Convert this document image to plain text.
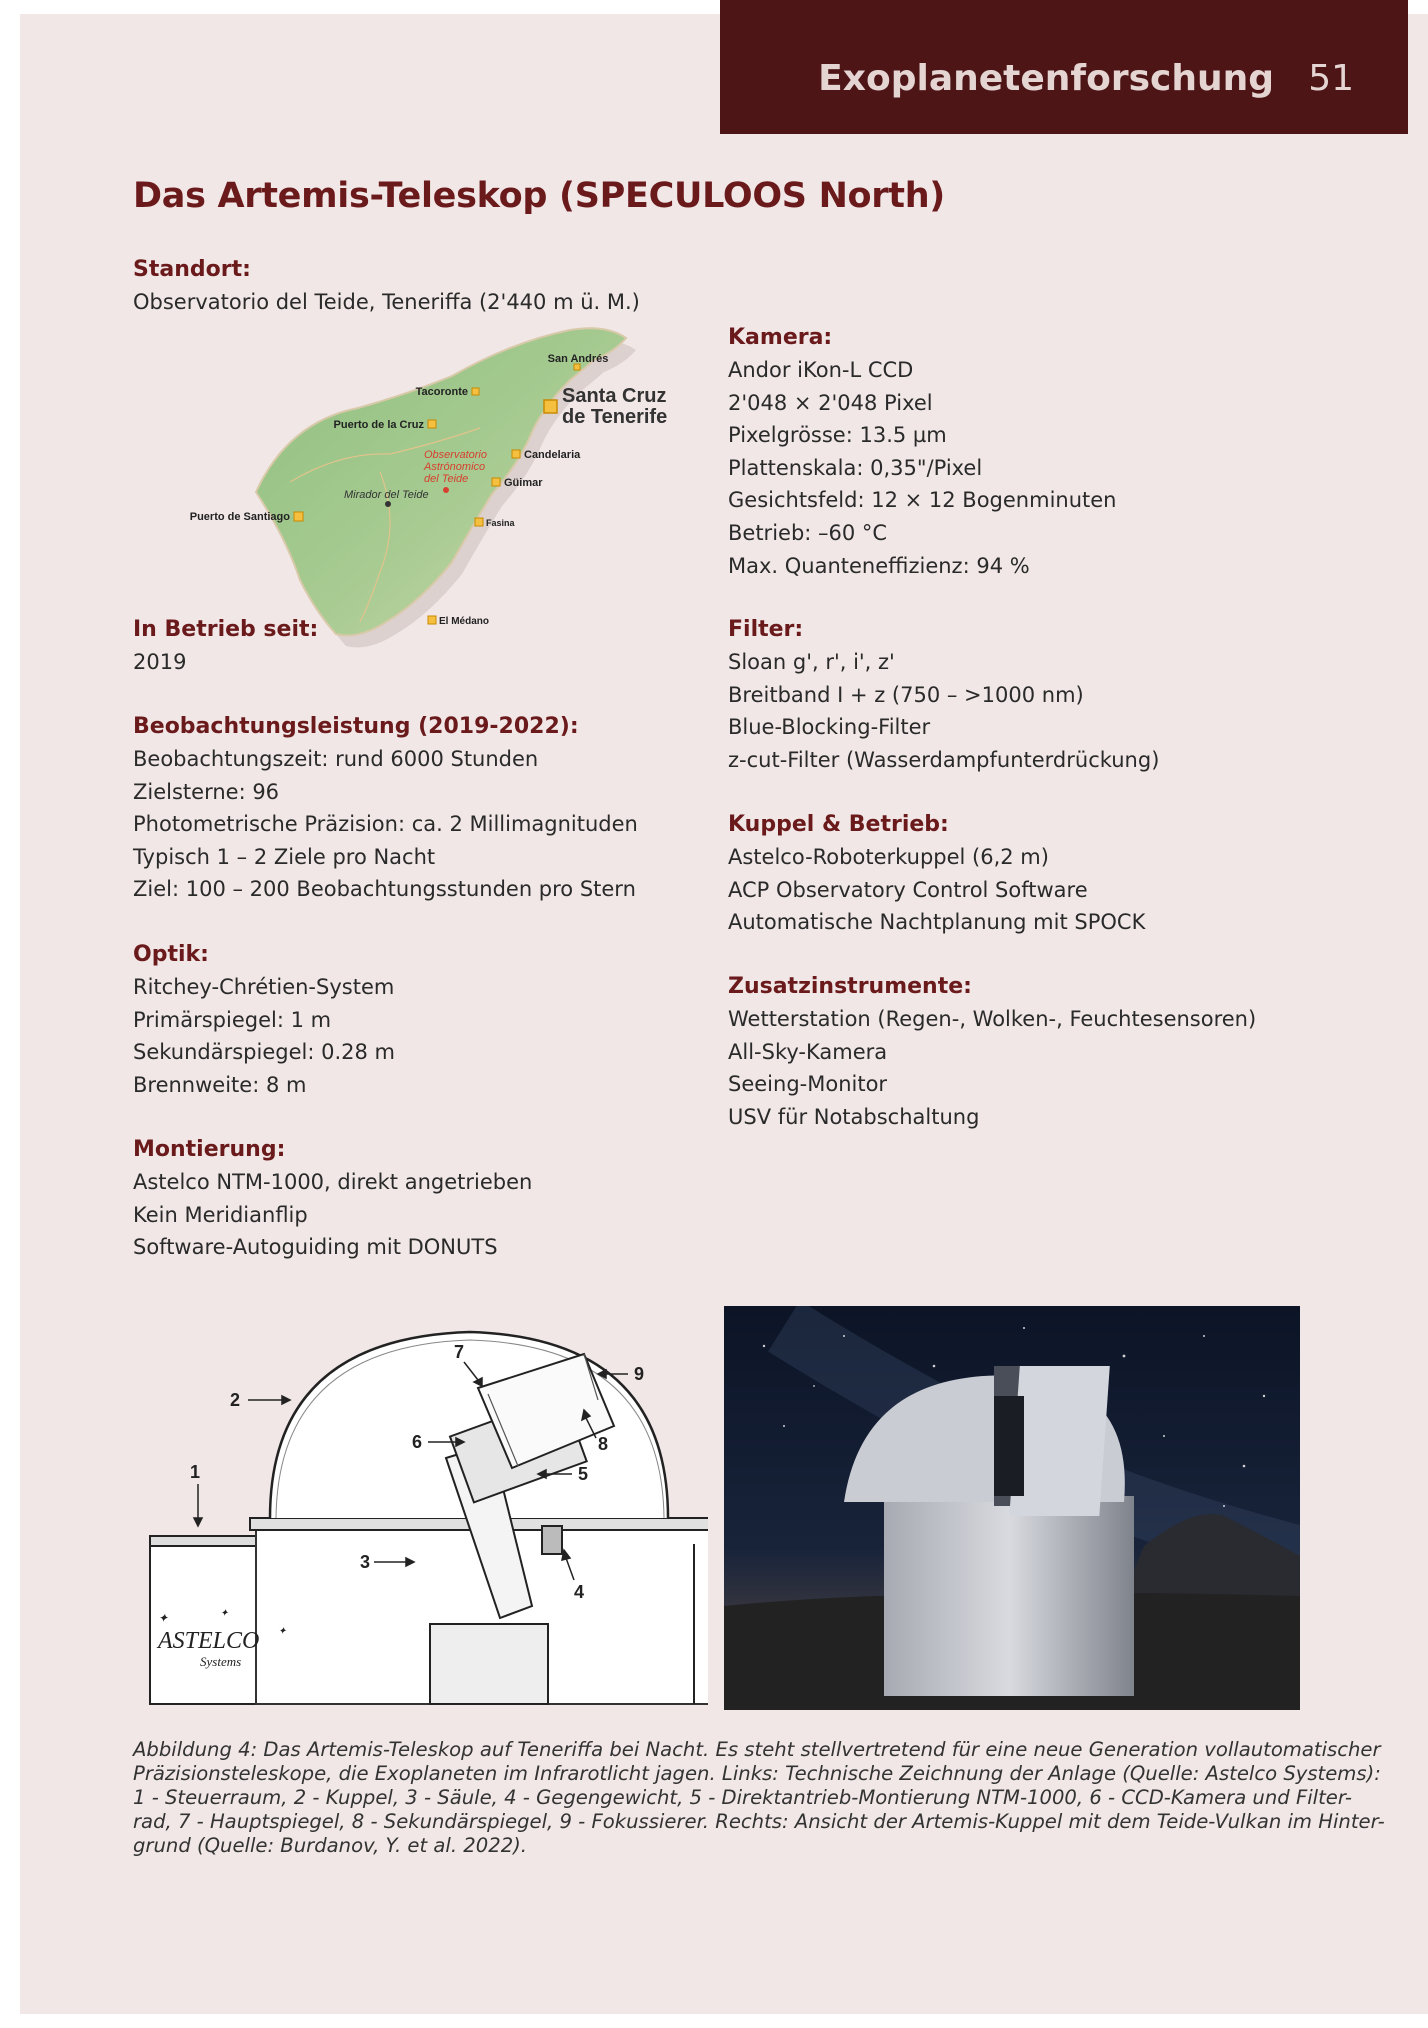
Exoplanetenforschung 51
Das Artemis-Teleskop (SPECULOOS North)
Standort:
Observatorio del Teide, Teneriffa (2'440 m ü. M.)
In Betrieb seit:
2019
Beobachtungsleistung (2019-2022):
Beobachtungszeit: rund 6000 Stunden
Zielsterne: 96
Photometrische Präzision: ca. 2 Millimagnituden
Typisch 1 – 2 Ziele pro Nacht
Ziel: 100 – 200 Beobachtungsstunden pro Stern
Optik:
Ritchey-Chrétien-System
Primärspiegel: 1 m
Sekundärspiegel: 0.28 m
Brennweite: 8 m
Montierung:
Astelco NTM-1000, direkt angetrieben
Kein Meridianflip
Software-Autoguiding mit DONUTS
Kamera:
Andor iKon-L CCD
2'048 × 2'048 Pixel
Pixelgrösse: 13.5 µm
Plattenskala: 0,35"/Pixel
Gesichtsfeld: 12 × 12 Bogenminuten
Betrieb: –60 °C
Max. Quanteneffizienz: 94 %
Filter:
Sloan g', r', i', z'
Breitband I + z (750 – >1000 nm)
Blue-Blocking-Filter
z-cut-Filter (Wasserdampfunterdrückung)
Kuppel & Betrieb:
Astelco-Roboterkuppel (6,2 m)
ACP Observatory Control Software
Automatische Nachtplanung mit SPOCK
Zusatzinstrumente:
Wetterstation (Regen-, Wolken-, Feuchtesensoren)
All-Sky-Kamera
Seeing-Monitor
USV für Notabschaltung
San Andrés
Santa Cruz
de Tenerife
Tacoronte
Puerto de la Cruz
Candelaria
Observatorio
Astrónomico
del Teide	Güimar
Mirador del Teide
Puerto de Santiago	Fasina
El Médano
1
2
3
4
5
6
7
8
9
ASTELCO
Systems
✦	✦
✦
Abbildung 4: Das Artemis-Teleskop auf Teneriffa bei Nacht. Es steht stellvertretend für eine neue Generation vollautomatischer
Präzisionsteleskope, die Exoplaneten im Infrarotlicht jagen. Links: Technische Zeichnung der Anlage (Quelle: Astelco Systems):
1 - Steuerraum, 2 - Kuppel, 3 - Säule, 4 - Gegengewicht, 5 - Direktantrieb-Montierung NTM-1000, 6 - CCD-Kamera und Filter-
rad, 7 - Hauptspiegel, 8 - Sekundärspiegel, 9 - Fokussierer. Rechts: Ansicht der Artemis-Kuppel mit dem Teide-Vulkan im Hinter-
grund (Quelle: Burdanov, Y. et al. 2022).
